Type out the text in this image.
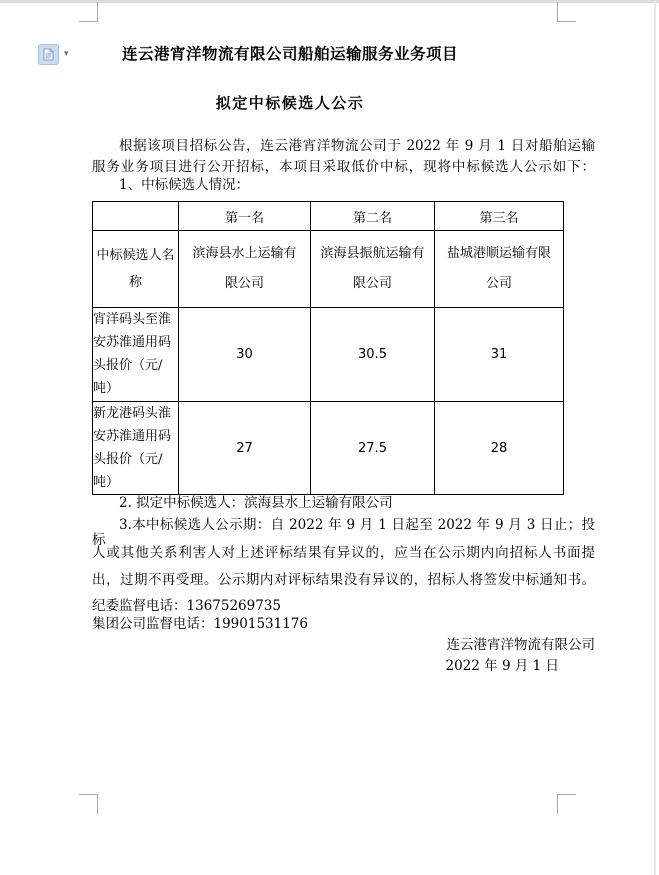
▾	连云港宵洋物流有限公司船舶运输服务业务项目
拟定中标候选人公示
根据该项目招标公告，连云港宵洋物流公司于 2022 年 9 月 1 日对船舶运输
服务业务项目进行公开招标，本项目采取低价中标，现将中标候选人公示如下：
1、中标候选人情况：
	第一名	第二名	第三名
中标候选人名称	滨海县水上运输有限公司	滨海县振航运输有限公司	盐城港顺运输有限公司
宵洋码头至淮安苏淮通用码头报价（元/吨）	30	30.5	31
新龙港码头淮安苏淮通用码头报价（元/吨）	27	27.5	28
2. 拟定中标候选人：滨海县水上运输有限公司
3.本中标候选人公示期：自 2022 年 9 月 1 日起至 2022 年 9 月 3 日止；投标
人或其他关系利害人对上述评标结果有异议的，应当在公示期内向招标人书面提
出，过期不再受理。公示期内对评标结果没有异议的，招标人将签发中标通知书。
纪委监督电话：13675269735
集团公司监督电话：19901531176
连云港宵洋物流有限公司
2022 年 9 月 1 日
